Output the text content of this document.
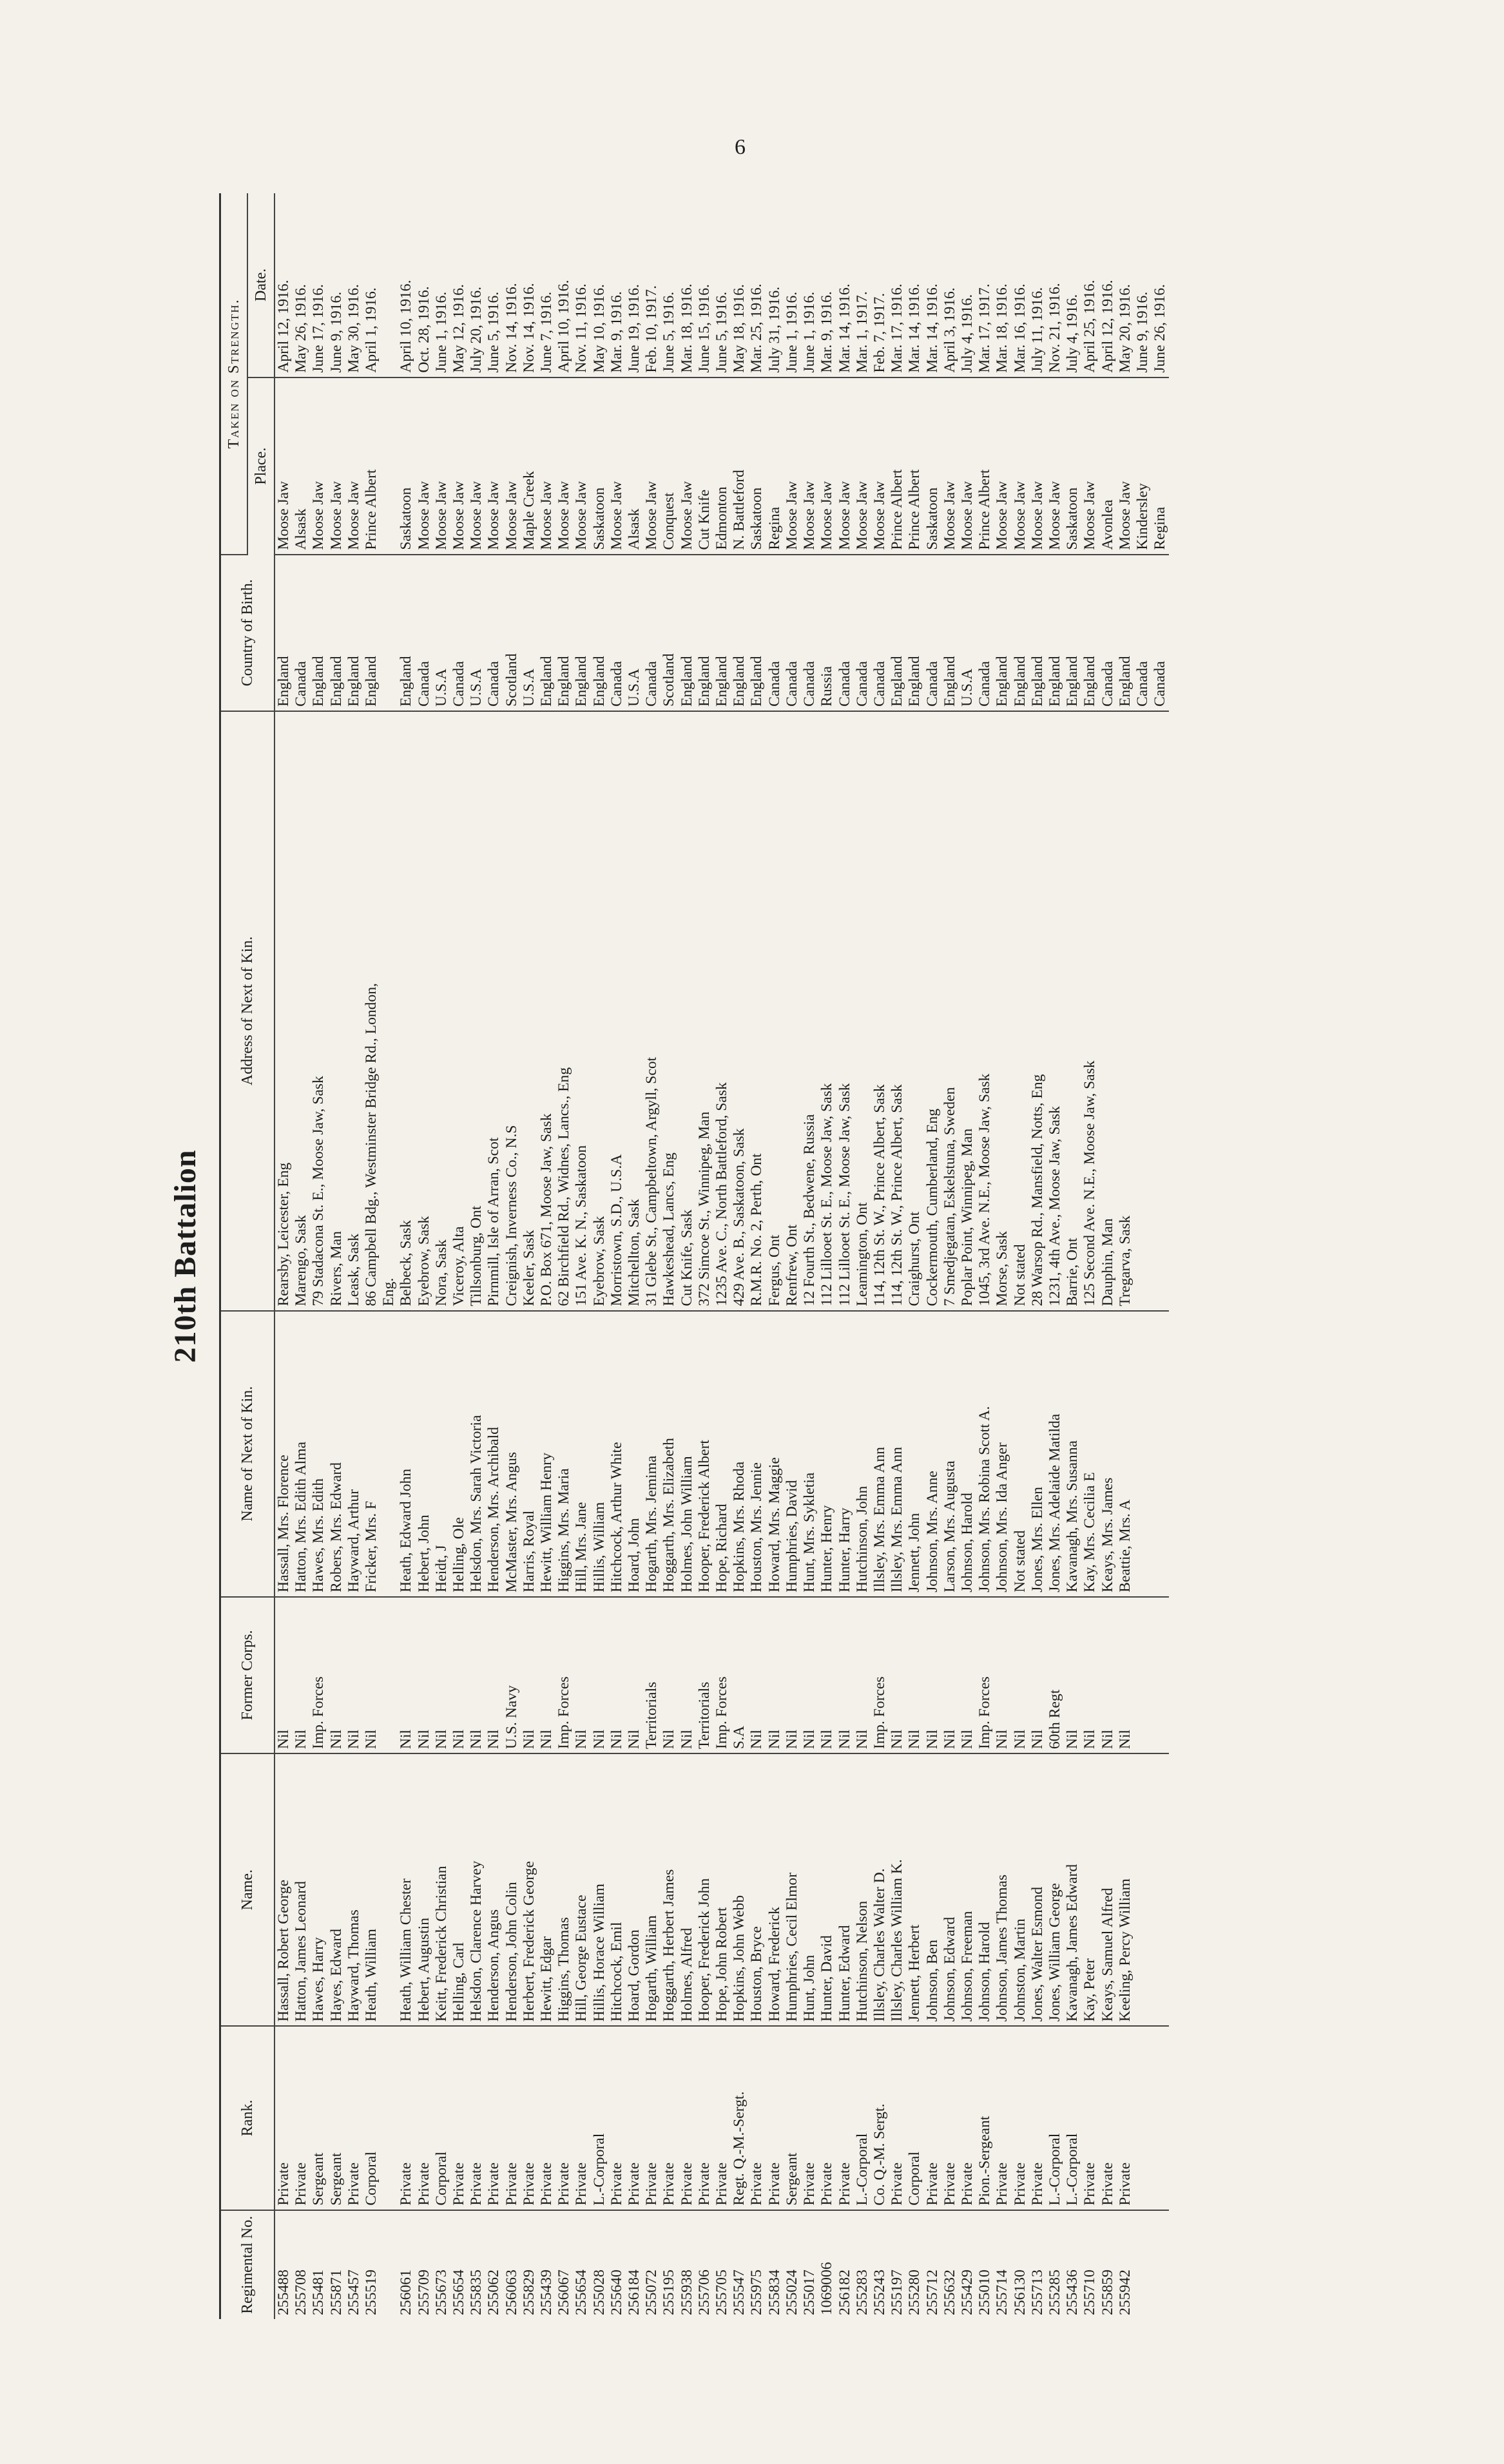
6
210th Battalion
Regimental No.	Rank.	Name.	Former Corps.	Name of Next of Kin.	Address of Next of Kin.	Country of Birth.	Taken on Strength.	
							Place.	Date.
255488	Private	Hassall, Robert George	Nil	Hassall, Mrs. Florence	Rearsby, Leicester, Eng	England	Moose Jaw	April 12, 1916.
255708	Private	Hatton, James Leonard	Nil	Hatton, Mrs. Edith Alma	Marengo, Sask	Canada	Alsask	May 26, 1916.
255481	Sergeant	Hawes, Harry	Imp. Forces	Hawes, Mrs. Edith	79 Stadacona St. E., Moose Jaw, Sask	England	Moose Jaw	June 17, 1916.
255871	Sergeant	Hayes, Edward	Nil	Robers, Mrs. Edward	Rivers, Man	England	Moose Jaw	June 9, 1916.
255457	Private	Hayward, Thomas	Nil	Hayward, Arthur	Leask, Sask	England	Moose Jaw	May 30, 1916.
255519	Corporal	Heath, William	Nil	Fricker, Mrs. F	86 Campbell Bdg., Westminster Bridge Rd., London,	England	Prince Albert	April 1, 1916.
					Eng.			
256061	Private	Heath, William Chester	Nil	Heath, Edward John	Belbeck, Sask	England	Saskatoon	April 10, 1916.
255709	Private	Hebert, Augustin	Nil	Hebert, John	Eyebrow, Sask	Canada	Moose Jaw	Oct. 28, 1916.
255673	Corporal	Keitt, Frederick Christian	Nil	Heidt, J	Nora, Sask	U.S.A	Moose Jaw	June 1, 1916.
255654	Private	Helling, Carl	Nil	Helling, Ole	Viceroy, Alta	Canada	Moose Jaw	May 12, 1916.
255835	Private	Helsdon, Clarence Harvey	Nil	Helsdon, Mrs. Sarah Victoria	Tillsonburg, Ont	U.S.A	Moose Jaw	July 20, 1916.
255062	Private	Henderson, Angus	Nil	Henderson, Mrs. Archibald	Pirnmill, Isle of Arran, Scot	Canada	Moose Jaw	June 5, 1916.
256063	Private	Henderson, John Colin	U.S. Navy	McMaster, Mrs. Angus	Creignish, Inverness Co., N.S	Scotland	Moose Jaw	Nov. 14, 1916.
255829	Private	Herbert, Frederick George	Nil	Harris, Royal	Keeler, Sask	U.S.A	Maple Creek	Nov. 14, 1916.
255439	Private	Hewitt, Edgar	Nil	Hewitt, William Henry	P.O. Box 671, Moose Jaw, Sask	England	Moose Jaw	June 7, 1916.
256067	Private	Higgins, Thomas	Imp. Forces	Higgins, Mrs. Maria	62 Birchfield Rd., Widnes, Lancs., Eng	England	Moose Jaw	April 10, 1916.
255654	Private	Hill, George Eustace	Nil	Hill, Mrs. Jane	151 Ave. K. N., Saskatoon	England	Moose Jaw	Nov. 11, 1916.
255028	L.-Corporal	Hillis, Horace William	Nil	Hillis, William	Eyebrow, Sask	England	Saskatoon	May 10, 1916.
255640	Private	Hitchcock, Emil	Nil	Hitchcock, Arthur White	Morristown, S.D., U.S.A	Canada	Moose Jaw	Mar. 9, 1916.
256184	Private	Hoard, Gordon	Nil	Hoard, John	Mitchellton, Sask	U.S.A	Alsask	June 19, 1916.
255072	Private	Hogarth, William	Territorials	Hogarth, Mrs. Jemima	31 Glebe St., Campbeltown, Argyll, Scot	Canada	Moose Jaw	Feb. 10, 1917.
255195	Private	Hoggarth, Herbert James	Nil	Hoggarth, Mrs. Elizabeth	Hawkeshead, Lancs, Eng	Scotland	Conquest	June 5, 1916.
255938	Private	Holmes, Alfred	Nil	Holmes, John William	Cut Knife, Sask	England	Moose Jaw	Mar. 18, 1916.
255706	Private	Hooper, Frederick John	Territorials	Hooper, Frederick Albert	372 Simcoe St., Winnipeg, Man	England	Cut Knife	June 15, 1916.
255705	Private	Hope, John Robert	Imp. Forces	Hope, Richard	1235 Ave. C., North Battleford, Sask	England	Edmonton	June 5, 1916.
255547	Regt. Q.-M.-Sergt.	Hopkins, John Webb	S.A	Hopkins, Mrs. Rhoda	429 Ave. B., Saskatoon, Sask	England	N. Battleford	May 18, 1916.
255975	Private	Houston, Bryce	Nil	Houston, Mrs. Jennie	R.M.R. No. 2, Perth, Ont	England	Saskatoon	Mar. 25, 1916.
255834	Private	Howard, Frederick	Nil	Howard, Mrs. Maggie	Fergus, Ont	Canada	Regina	July 31, 1916.
255024	Sergeant	Humphries, Cecil Elmor	Nil	Humphries, David	Renfrew, Ont	Canada	Moose Jaw	June 1, 1916.
255017	Private	Hunt, John	Nil	Hunt, Mrs. Sykletia	12 Fourth St., Bedwene, Russia	Canada	Moose Jaw	June 1, 1916.
1069006	Private	Hunter, David	Nil	Hunter, Henry	112 Lillooet St. E., Moose Jaw, Sask	Russia	Moose Jaw	Mar. 9, 1916.
256182	Private	Hunter, Edward	Nil	Hunter, Harry	112 Lillooet St. E., Moose Jaw, Sask	Canada	Moose Jaw	Mar. 14, 1916.
255283	L.-Corporal	Hutchinson, Nelson	Nil	Hutchinson, John	Leamington, Ont	Canada	Moose Jaw	Mar. 1, 1917.
255243	Co. Q.-M. Sergt.	Illsley, Charles Walter D.	Imp. Forces	Illsley, Mrs. Emma Ann	114, 12th St. W., Prince Albert, Sask	Canada	Moose Jaw	Feb. 7, 1917.
255197	Private	Illsley, Charles William K.	Nil	Illsley, Mrs. Emma Ann	114, 12th St. W., Prince Albert, Sask	England	Prince Albert	Mar. 17, 1916.
255280	Corporal	Jennett, Herbert	Nil	Jennett, John	Craighurst, Ont	England	Prince Albert	Mar. 14, 1916.
255712	Private	Johnson, Ben	Nil	Johnson, Mrs. Anne	Cockermouth, Cumberland, Eng	Canada	Saskatoon	Mar. 14, 1916.
255632	Private	Johnson, Edward	Nil	Larson, Mrs. Augusta	7 Smedjegatan, Eskelstuna, Sweden	England	Moose Jaw	April 3, 1916.
255429	Private	Johnson, Freeman	Nil	Johnson, Harold	Poplar Point, Winnipeg, Man	U.S.A	Moose Jaw	July 4, 1916.
255010	Pion.-Sergeant	Johnson, Harold	Imp. Forces	Johnson, Mrs. Robina Scott A.	1045, 3rd Ave. N.E., Moose Jaw, Sask	Canada	Prince Albert	Mar. 17, 1917.
255714	Private	Johnson, James Thomas	Nil	Johnson, Mrs. Ida Anger	Morse, Sask	England	Moose Jaw	Mar. 18, 1916.
256130	Private	Johnston, Martin	Nil	Not stated	Not stated	England	Moose Jaw	Mar. 16, 1916.
255713	Private	Jones, Walter Esmond	Nil	Jones, Mrs. Ellen	28 Warsop Rd., Mansfield, Notts, Eng	England	Moose Jaw	July 11, 1916.
255285	L.-Corporal	Jones, William George	60th Regt	Jones, Mrs. Adelaide Matilda	1231, 4th Ave., Moose Jaw, Sask	England	Moose Jaw	Nov. 21, 1916.
255436	L.-Corporal	Kavanagh, James Edward	Nil	Kavanagh, Mrs. Susanna	Barrie, Ont	England	Saskatoon	July 4, 1916.
255710	Private	Kay, Peter	Nil	Kay, Mrs. Cecilia E	125 Second Ave. N.E., Moose Jaw, Sask	England	Moose Jaw	April 25, 1916.
255859	Private	Keays, Samuel Alfred	Nil	Keays, Mrs. James	Dauphin, Man	Canada	Avonlea	April 12, 1916.
255942	Private	Keeling, Percy William	Nil	Beattie, Mrs. A	Tregarva, Sask	England	Moose Jaw	May 20, 1916.
						Canada	Kindersley	June 9, 1916.
						Canada	Regina	June 26, 1916.
